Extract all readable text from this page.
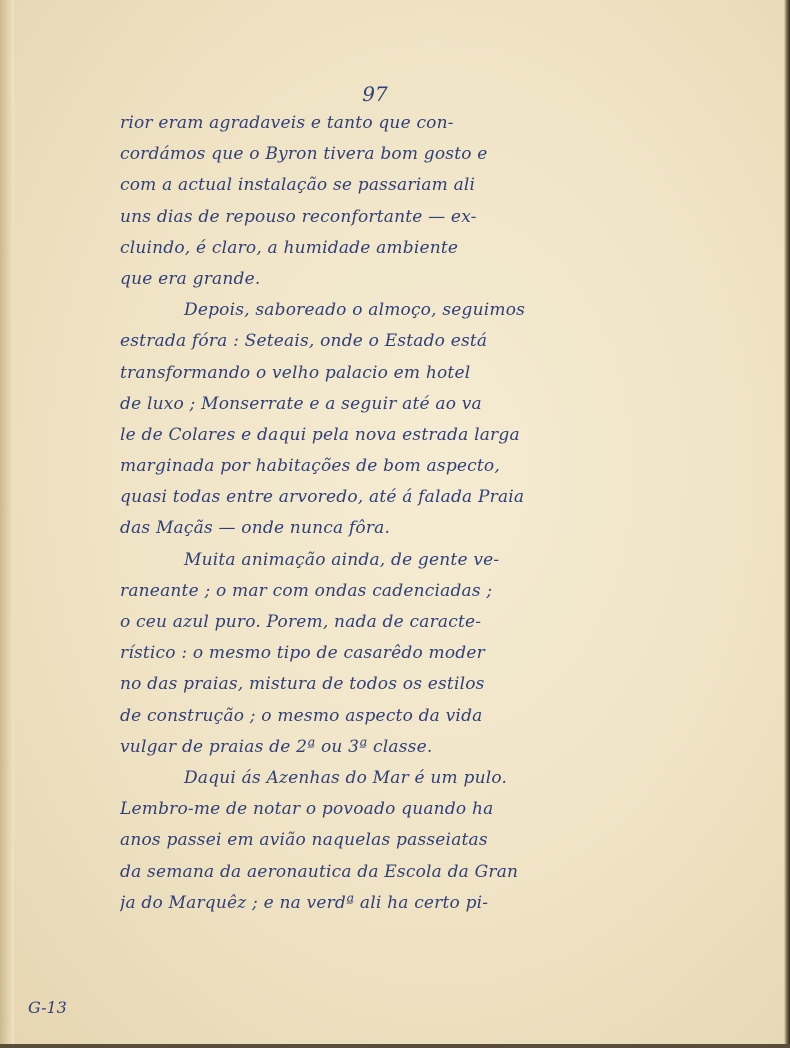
97
rior eram agradaveis e tanto que con-
cordámos que o Byron tivera bom gosto e
com a actual instalação se passariam ali
uns dias de repouso reconfortante — ex-
cluindo, é claro, a humidade ambiente
que era grande.
Depois, saboreado o almoço, seguimos
estrada fóra : Seteais, onde o Estado está
transformando o velho palacio em hotel
de luxo ; Monserrate e a seguir até ao va
le de Colares e daqui pela nova estrada larga
marginada por habitações de bom aspecto,
quasi todas entre arvoredo, até á falada Praia
das Maçãs — onde nunca fôra.
Muita animação ainda, de gente ve-
raneante ; o mar com ondas cadenciadas ;
o ceu azul puro. Porem, nada de caracte-
rístico : o mesmo tipo de casarêdo moder
no das praias, mistura de todos os estilos
de construção ; o mesmo aspecto da vida
vulgar de praias de 2ª ou 3ª classe.
Daqui ás Azenhas do Mar é um pulo.
Lembro-me de notar o povoado quando ha
anos passei em avião naquelas passeiatas
da semana da aeronautica da Escola da Gran
ja do Marquêz ; e na verdª ali ha certo pi-
G-13
